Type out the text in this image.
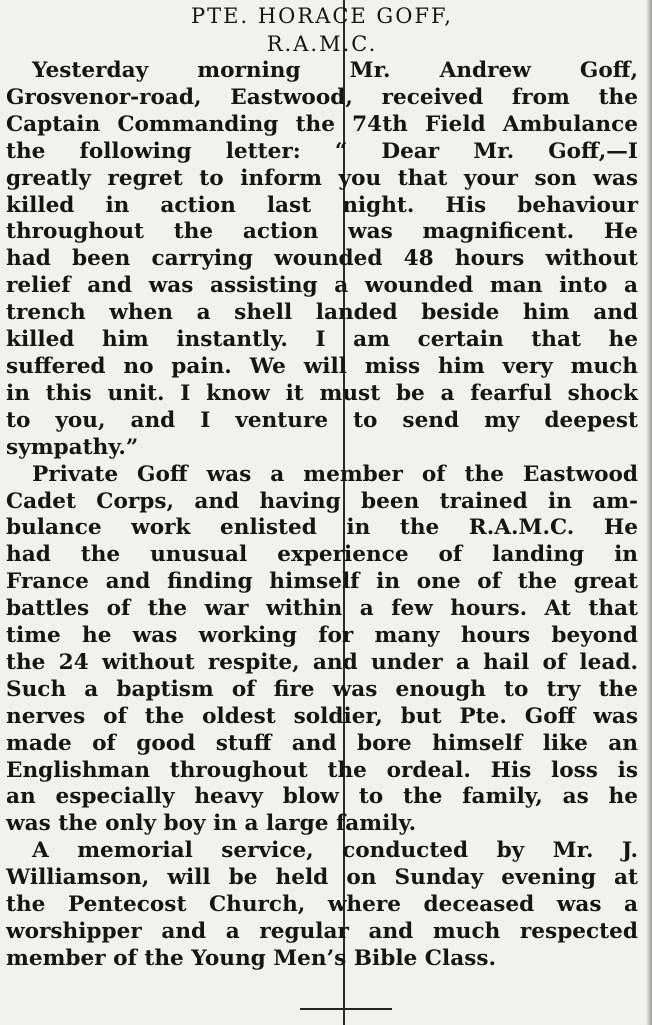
PTE. HORACE GOFF,
R.A.M.C.

Yesterday morning Mr. Andrew Goff,
Grosvenor-road, Eastwood, received from the
Captain Commanding the 74th Field Ambulance
the following letter: “ Dear Mr. Goff,—I
greatly regret to inform you that your son was
killed in action last night. His behaviour
throughout the action was magnificent. He
had been carrying wounded 48 hours without
relief and was assisting a wounded man into a
trench when a shell landed beside him and
killed him instantly. I am certain that he
suffered no pain. We will miss him very much
in this unit. I know it must be a fearful shock
to you, and I venture to send my deepest
sympathy.”

Private Goff was a member of the Eastwood
Cadet Corps, and having been trained in am-
bulance work enlisted in the R.A.M.C. He
had the unusual experience of landing in
France and finding himself in one of the great
battles of the war within a few hours. At that
time he was working for many hours beyond
the 24 without respite, and under a hail of lead.
Such a baptism of fire was enough to try the
nerves of the oldest soldier, but Pte. Goff was
made of good stuff and bore himself like an
Englishman throughout the ordeal. His loss is
an especially heavy blow to the family, as he
was the only boy in a large family.

A memorial service, conducted by Mr. J.
Williamson, will be held on Sunday evening at
the Pentecost Church, where deceased was a
worshipper and a regular and much respected
member of the Young Men’s Bible Class.
